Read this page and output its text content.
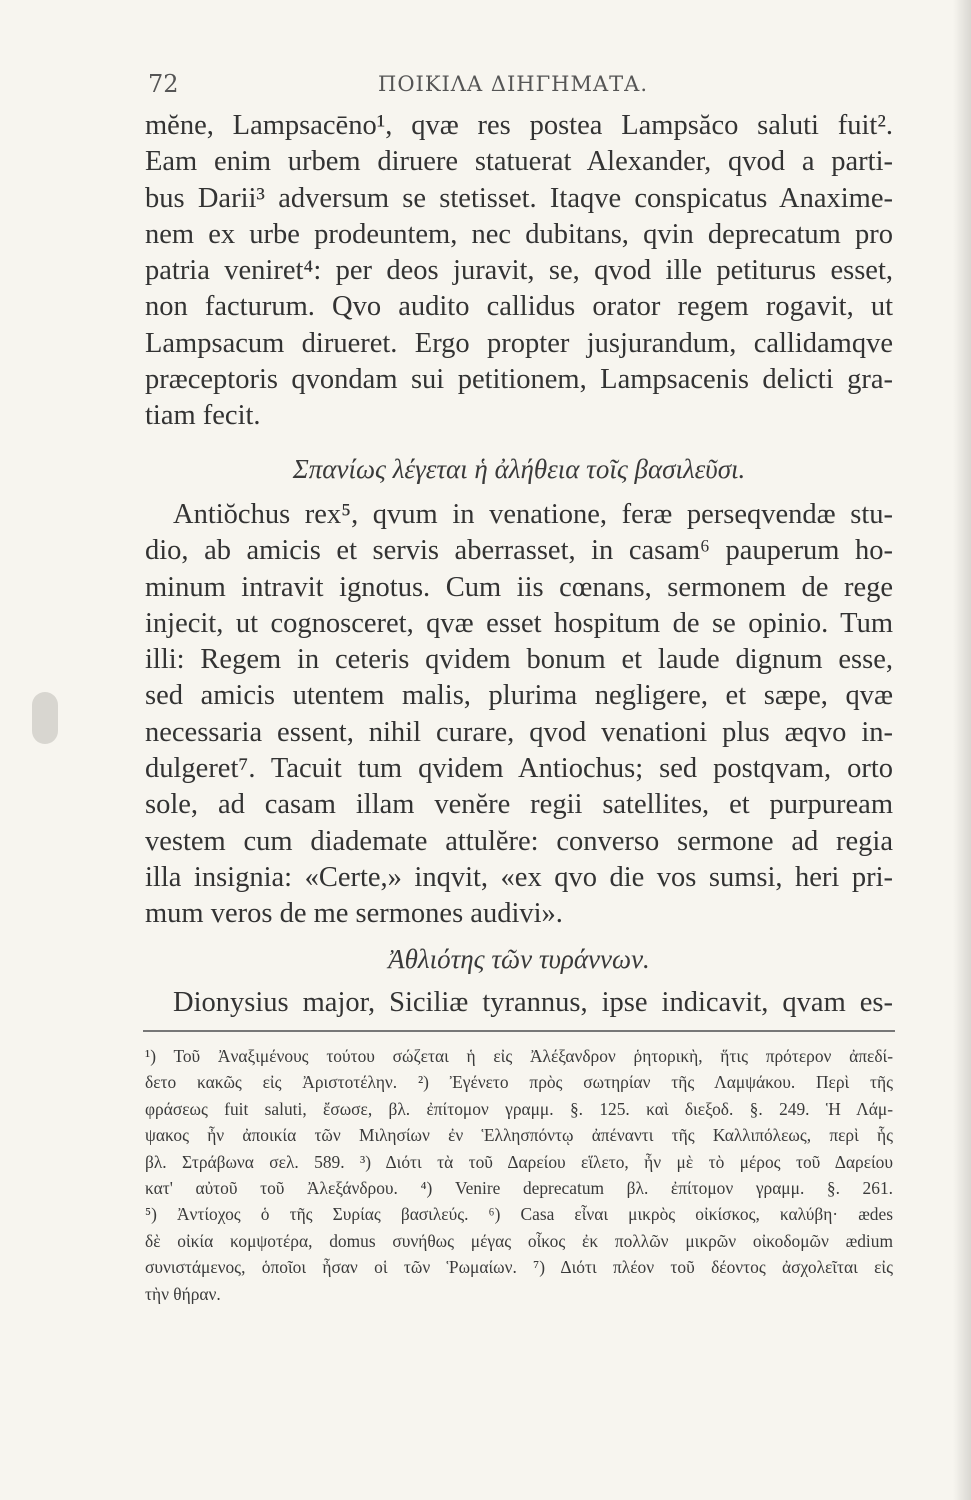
72	ΠΟΙΚΙΛΑ ΔΙΗΓΗΜΑΤΑ.
mĕne, Lampsacēno¹, qvæ res postea Lampsăco saluti fuit².
Eam enim urbem diruere statuerat Alexander, qvod a parti-
bus Darii³ adversum se stetisset. Itaqve conspicatus Anaxime-
nem ex urbe prodeuntem, nec dubitans, qvin deprecatum pro
patria veniret⁴: per deos juravit, se, qvod ille petiturus esset,
non facturum. Qvo audito callidus orator regem rogavit, ut
Lampsacum dirueret. Ergo propter jusjurandum, callidamqve
præceptoris qvondam sui petitionem, Lampsacenis delicti gra-
tiam fecit.
Σπανίως λέγεται ἡ ἀλήθεια τοῖς βασιλεῦσι.
Antiŏchus rex⁵, qvum in venatione, feræ perseqvendæ stu-
dio, ab amicis et servis aberrasset, in casam⁶ pauperum ho-
minum intravit ignotus. Cum iis cœnans, sermonem de rege
injecit, ut cognosceret, qvæ esset hospitum de se opinio. Tum
illi: Regem in ceteris qvidem bonum et laude dignum esse,
sed amicis utentem malis, plurima negligere, et sæpe, qvæ
necessaria essent, nihil curare, qvod venationi plus æqvo in-
dulgeret⁷. Tacuit tum qvidem Antiochus; sed postqvam, orto
sole, ad casam illam venĕre regii satellites, et purpuream
vestem cum diademate attulĕre: converso sermone ad regia
illa insignia: «Certe,» inqvit, «ex qvo die vos sumsi, heri pri-
mum veros de me sermones audivi».
Ἀθλιότης τῶν τυράννων.
Dionysius major, Siciliæ tyrannus, ipse indicavit, qvam es-
¹) Τοῦ Ἀναξιμένους τούτου σώζεται ἡ εἰς Ἀλέξανδρον ῥητορικὴ, ἥτις πρότερον ἀπεδί-
δετο κακῶς εἰς Ἀριστοτέλην. ²) Ἐγένετο πρὸς σωτηρίαν τῆς Λαμψάκου. Περὶ τῆς
φράσεως fuit saluti, ἔσωσε, βλ. ἐπίτομον γραμμ. §. 125. καὶ διεξοδ. §. 249. Ἡ Λάμ-
ψακος ἦν ἀποικία τῶν Μιλησίων ἐν Ἑλλησπόντῳ ἀπέναντι τῆς Καλλιπόλεως, περὶ ἧς
βλ. Στράβωνα σελ. 589. ³) Διότι τὰ τοῦ Δαρείου εἵλετο, ἦν μὲ τὸ μέρος τοῦ Δαρείου
κατ' αὐτοῦ τοῦ Ἀλεξάνδρου. ⁴) Venire deprecatum βλ. ἐπίτομον γραμμ. §. 261.
⁵) Ἀντίοχος ὁ τῆς Συρίας βασιλεύς. ⁶) Casa εἶναι μικρὸς οἰκίσκος, καλύβη· ædes
δὲ οἰκία κομψοτέρα, domus συνήθως μέγας οἶκος ἐκ πολλῶν μικρῶν οἰκοδομῶν ædium
συνιστάμενος, ὁποῖοι ἦσαν οἱ τῶν Ῥωμαίων. ⁷) Διότι πλέον τοῦ δέοντος ἀσχολεῖται εἰς
τὴν θήραν.
